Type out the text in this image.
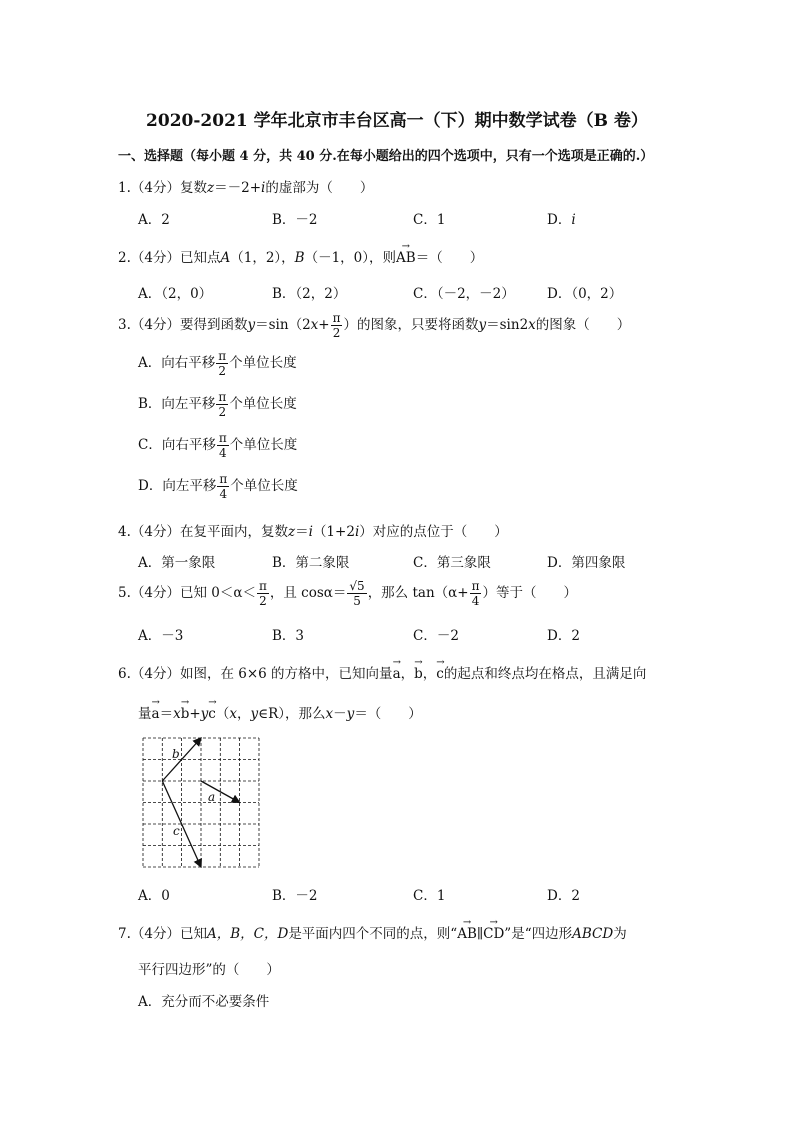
2020-2021 学年北京市丰台区高一（下）期中数学试卷（B 卷）
一、选择题（每小题 4 分，共 40 分.在每小题给出的四个选项中，只有一个选项是正确的.）
1.（4分）复数z＝－2+i的虚部为（　　）
A．2	B．－2	C．1	D．i
2.（4分）已知点A（1，2），B（－1，0），则→ AB＝（　　）
A．（2，0）	B．（2，2）	C．（－2，－2） D．（0，2）
3.（4分）要得到函数$y=\sin(2x+ \frac{\pi}{2}$ ）的图象，只要将函数y＝sin2x的图象（　　）
A．向右平移 $\frac{\pi}{2}$ 个单位长度
B．向左平移 $\frac{\pi}{2}$ 个单位长度
C．向右平移 $\frac{\pi}{4}$ 个单位长度
D．向左平移 $\frac{\pi}{4}$ 个单位长度
4.（4分）在复平面内，复数z＝i（1+2i）对应的点位于（　　）
A．第一象限	B．第二象限	C．第三象限	D．第四象限
5.（4分）已知 $0<\alpha< \frac{\pi}{2}$ ，且 $\cos\alpha= \frac{√5}{5}$ ，那么 $\tan(\alpha+ \frac{\pi}{4}$ ）等于（　　）
A．－3	B．3	C．－2	D．2
6.（4分）如图，在 6×6 的方格中，已知向量→ a，→ b，→ c的起点和终点均在格点，且满足向
量→ a＝x→ b+y→ c（x，y∈R），那么x－y＝（　　）
b
a
c
A．0	B．－2	C．1	D．2
7.（4分）已知A，B，C，D是平面内四个不同的点，则“→ AB∥→ CD”是“四边形ABCD为
平行四边形”的（　　）
A．充分而不必要条件
